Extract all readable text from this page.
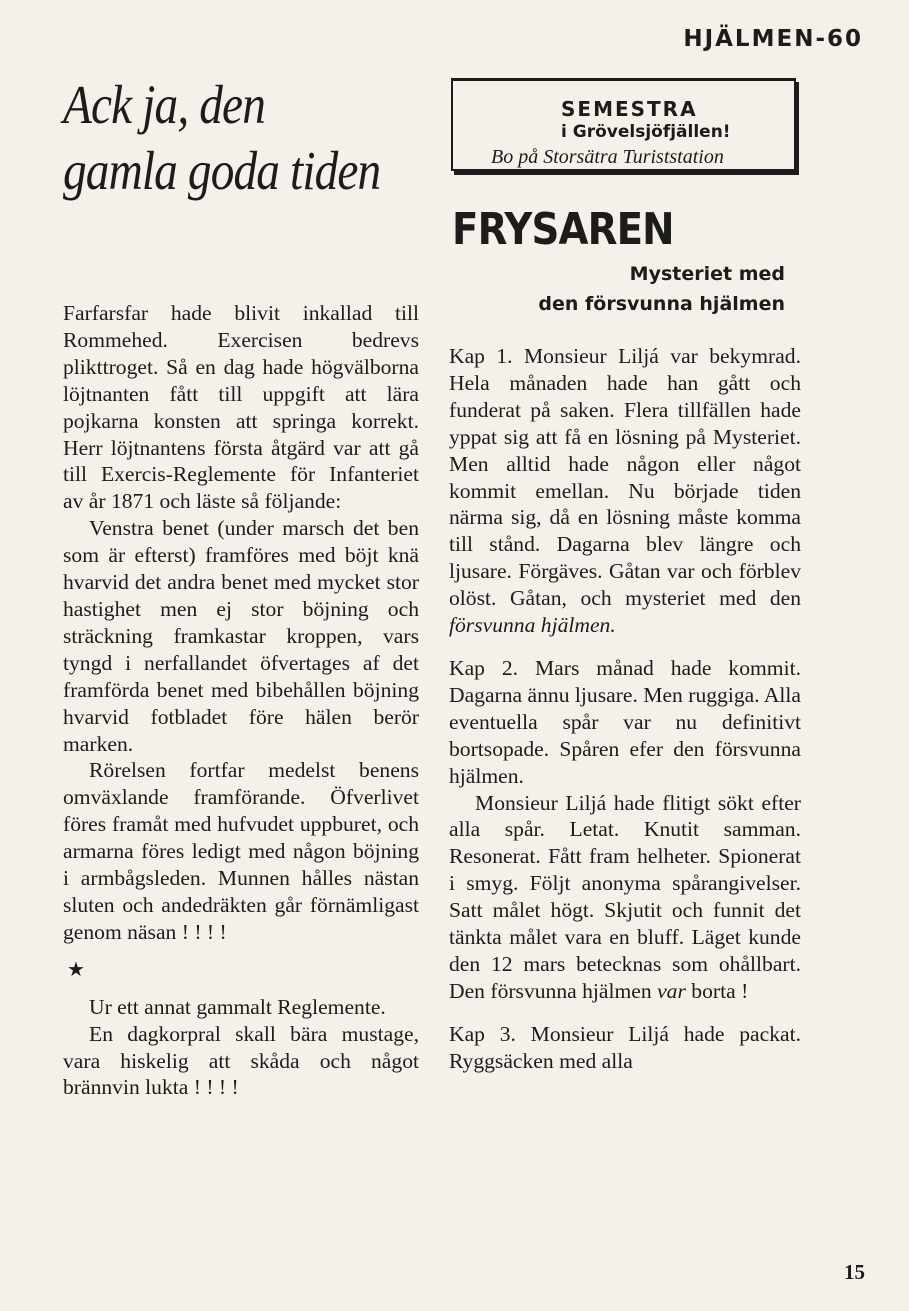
HJÄLMEN-60
Ack ja, den
gamla goda tiden

Farfarsfar hade blivit inkallad till Rommehed. Exercisen bedrevs plikttroget. Så en dag hade högvälborna löjtnanten fått till uppgift att lära pojkarna konsten att springa korrekt. Herr löjtnantens första åtgärd var att gå till Exercis-Reglemente för Infanteriet av år 1871 och läste så följande:

Venstra benet (under marsch det ben som är efterst) framföres med böjt knä hvarvid det andra benet med mycket stor hastighet men ej stor böjning och sträckning framkastar kroppen, vars tyngd i nerfallandet öfvertages af det framförda benet med bibehållen böjning hvarvid fotbladet före hälen berör marken.

Rörelsen fortfar medelst benens omväxlande framförande. Öfverlivet föres framåt med hufvudet uppburet, och armarna föres ledigt med någon böjning i armbågsleden. Munnen hålles nästan sluten och andedräkten går förnämligast genom näsan ! ! ! !

★

Ur ett annat gammalt Reglemente.

En dagkorpral skall bära mustage, vara hiskelig att skåda och något brännvin lukta ! ! ! !

SEMESTRA
i Grövelsjöfjällen!
Bo på Storsätra Turiststation
FRYSAREN
Mysteriet med
den försvunna hjälmen

Kap 1. Monsieur Liljá var bekymrad. Hela månaden hade han gått och funderat på saken. Flera tillfällen hade yppat sig att få en lösning på Mysteriet. Men alltid hade någon eller något kommit emellan. Nu började tiden närma sig, då en lösning måste komma till stånd. Dagarna blev längre och ljusare. Förgäves. Gåtan var och förblev olöst. Gåtan, och mysteriet med den försvunna hjälmen.

Kap 2. Mars månad hade kommit. Dagarna ännu ljusare. Men ruggiga. Alla eventuella spår var nu definitivt bortsopade. Spåren efer den försvunna hjälmen.

Monsieur Liljá hade flitigt sökt efter alla spår. Letat. Knutit samman. Resonerat. Fått fram helheter. Spionerat i smyg. Följt anonyma spårangivelser. Satt målet högt. Skjutit och funnit det tänkta målet vara en bluff. Läget kunde den 12 mars betecknas som ohållbart. Den försvunna hjälmen var borta !

Kap 3. Monsieur Liljá hade packat. Ryggsäcken med alla

15
